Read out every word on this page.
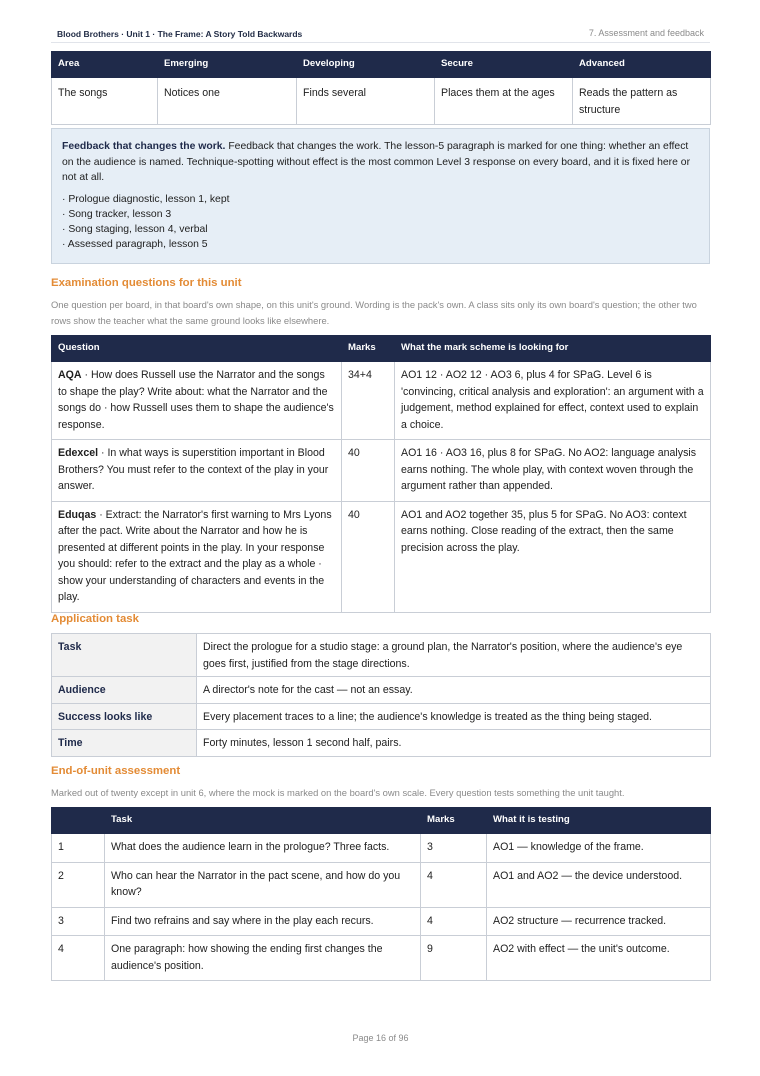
Blood Brothers · Unit 1 · The Frame: A Story Told Backwards	7. Assessment and feedback
Area	Emerging	Developing	Secure	Advanced
The songs	Notices one	Finds several	Places them at the ages	Reads the pattern as structure
Feedback that changes the work. Feedback that changes the work. The lesson-5 paragraph is marked for one thing: whether an effect on the audience is named. Technique-spotting without effect is the most common Level 3 response on every board, and it is fixed here or not at all.
· Prologue diagnostic, lesson 1, kept
· Song tracker, lesson 3
· Song staging, lesson 4, verbal
· Assessed paragraph, lesson 5
Examination questions for this unit
One question per board, in that board's own shape, on this unit's ground. Wording is the pack's own. A class sits only its own board's question; the other two rows show the teacher what the same ground looks like elsewhere.
Question	Marks	What the mark scheme is looking for
AQA · How does Russell use the Narrator and the songs to shape the play? Write about: what the Narrator and the songs do · how Russell uses them to shape the audience's response.	34+4	AO1 12 · AO2 12 · AO3 6, plus 4 for SPaG. Level 6 is 'convincing, critical analysis and exploration': an argument with a judgement, method explained for effect, context used to explain a choice.
Edexcel · In what ways is superstition important in Blood Brothers? You must refer to the context of the play in your answer.	40	AO1 16 · AO3 16, plus 8 for SPaG. No AO2: language analysis earns nothing. The whole play, with context woven through the argument rather than appended.
Eduqas · Extract: the Narrator's first warning to Mrs Lyons after the pact. Write about the Narrator and how he is presented at different points in the play. In your response you should: refer to the extract and the play as a whole · show your understanding of characters and events in the play.	40	AO1 and AO2 together 35, plus 5 for SPaG. No AO3: context earns nothing. Close reading of the extract, then the same precision across the play.
Application task
Task	Direct the prologue for a studio stage: a ground plan, the Narrator's position, where the audience's eye goes first, justified from the stage directions.
Audience	A director's note for the cast — not an essay.
Success looks like	Every placement traces to a line; the audience's knowledge is treated as the thing being staged.
Time	Forty minutes, lesson 1 second half, pairs.
End-of-unit assessment
Marked out of twenty except in unit 6, where the mock is marked on the board's own scale. Every question tests something the unit taught.
	Task	Marks	What it is testing
1	What does the audience learn in the prologue? Three facts.	3	AO1 — knowledge of the frame.
2	Who can hear the Narrator in the pact scene, and how do you know?	4	AO1 and AO2 — the device understood.
3	Find two refrains and say where in the play each recurs.	4	AO2 structure — recurrence tracked.
4	One paragraph: how showing the ending first changes the audience's position.	9	AO2 with effect — the unit's outcome.
Page 16 of 96
